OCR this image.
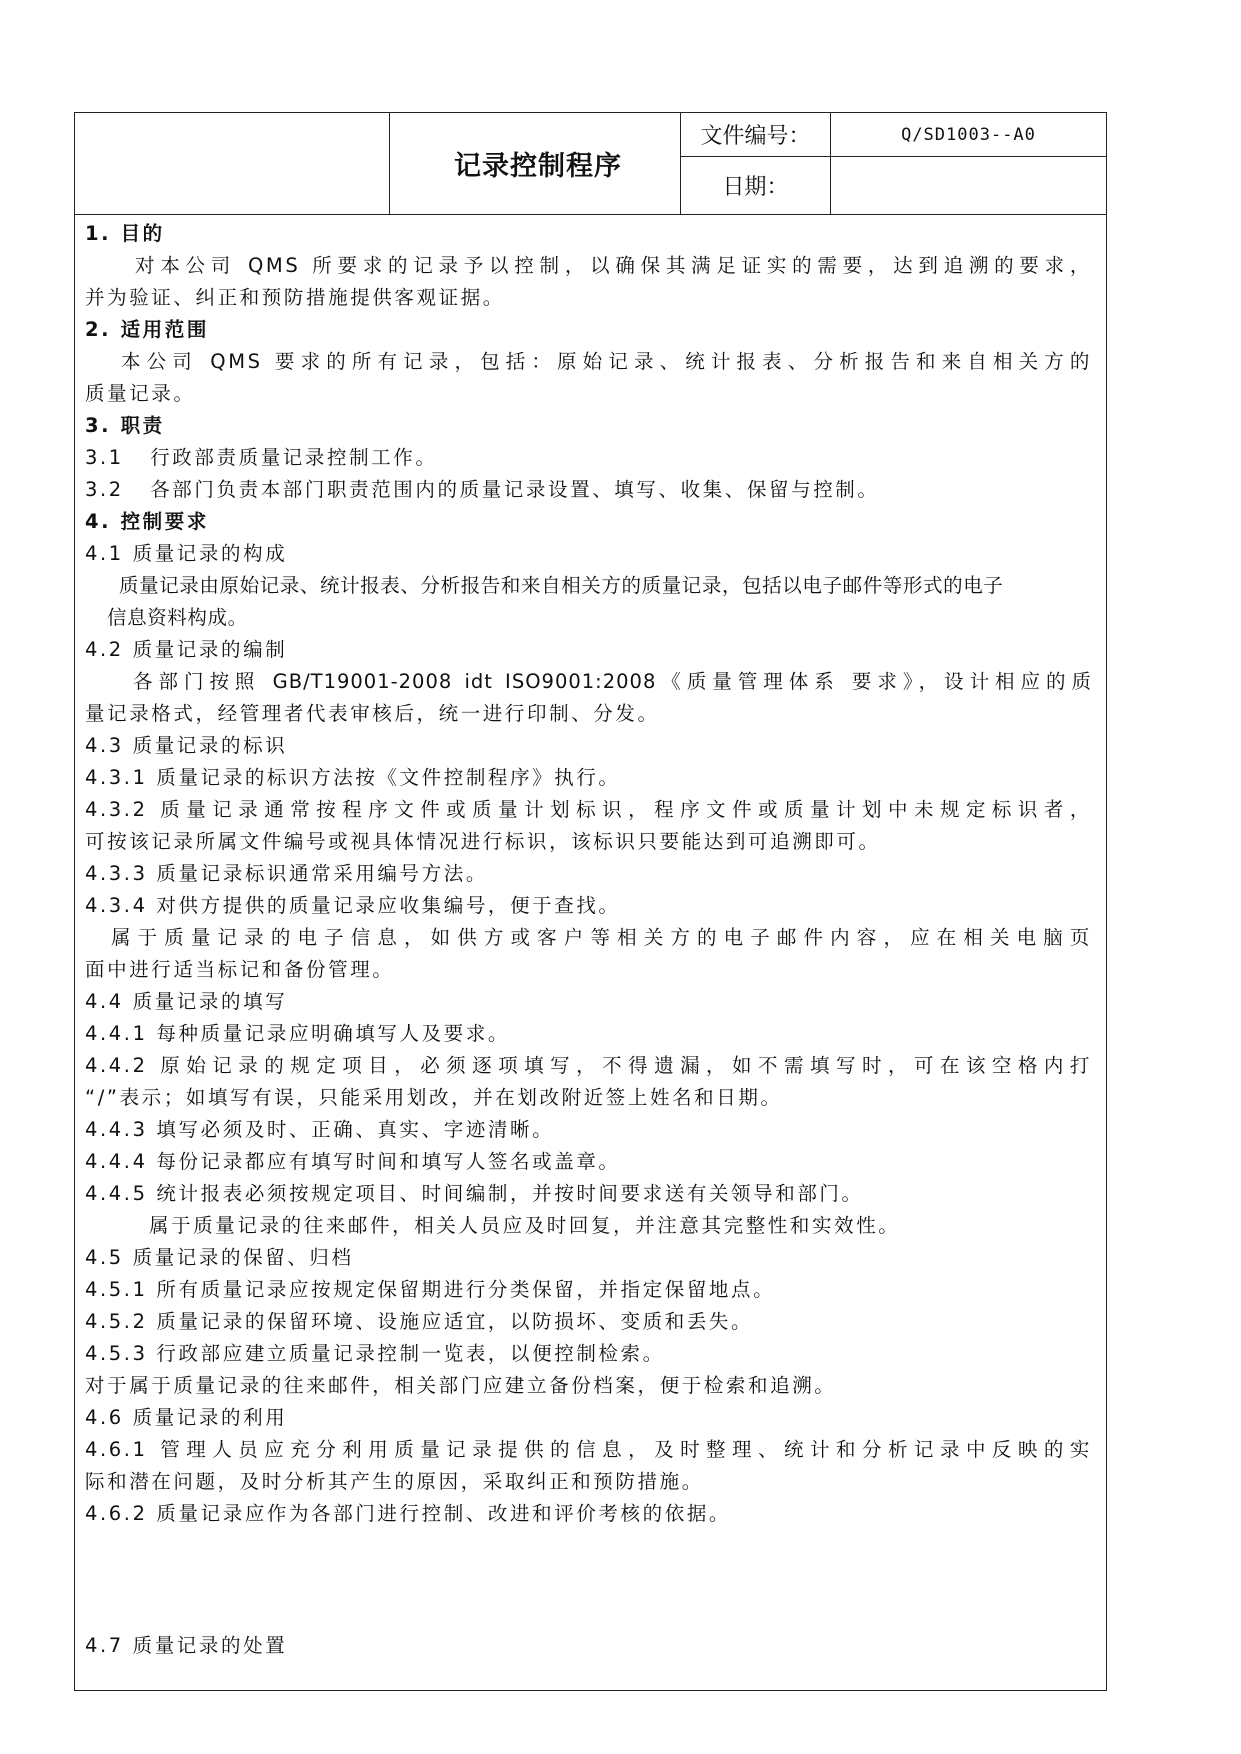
记录控制程序
文件编号：	Q/SD1003--A0
日期：
1. 目的
对本公司 QMS 所要求的记录予以控制，以确保其满足证实的需要，达到追溯的要求，
并为验证、纠正和预防措施提供客观证据。
2. 适用范围
本公司 QMS 要求的所有记录，包括：原始记录、统计报表、分析报告和来自相关方的
质量记录。
3. 职责
3.1   行政部责质量记录控制工作。
3.2   各部门负责本部门职责范围内的质量记录设置、填写、收集、保留与控制。
4. 控制要求
4.1 质量记录的构成
质量记录由原始记录、统计报表、分析报告和来自相关方的质量记录，包括以电子邮件等形式的电子
信息资料构成。
4.2 质量记录的编制
各部门按照 GB/T19001-2008 idt ISO9001:2008《质量管理体系 要求》，设计相应的质
量记录格式，经管理者代表审核后，统一进行印制、分发。
4.3 质量记录的标识
4.3.1 质量记录的标识方法按《文件控制程序》执行。
4.3.2 质量记录通常按程序文件或质量计划标识，程序文件或质量计划中未规定标识者，
可按该记录所属文件编号或视具体情况进行标识，该标识只要能达到可追溯即可。
4.3.3 质量记录标识通常采用编号方法。
4.3.4 对供方提供的质量记录应收集编号，便于查找。
属于质量记录的电子信息，如供方或客户等相关方的电子邮件内容，应在相关电脑页
面中进行适当标记和备份管理。
4.4 质量记录的填写
4.4.1 每种质量记录应明确填写人及要求。
4.4.2 原始记录的规定项目，必须逐项填写，不得遗漏，如不需填写时，可在该空格内打
“/”表示；如填写有误，只能采用划改，并在划改附近签上姓名和日期。
4.4.3 填写必须及时、正确、真实、字迹清晰。
4.4.4 每份记录都应有填写时间和填写人签名或盖章。
4.4.5 统计报表必须按规定项目、时间编制，并按时间要求送有关领导和部门。
属于质量记录的往来邮件，相关人员应及时回复，并注意其完整性和实效性。
4.5 质量记录的保留、归档
4.5.1 所有质量记录应按规定保留期进行分类保留，并指定保留地点。
4.5.2 质量记录的保留环境、设施应适宜，以防损坏、变质和丢失。
4.5.3 行政部应建立质量记录控制一览表，以便控制检索。
对于属于质量记录的往来邮件，相关部门应建立备份档案，便于检索和追溯。
4.6 质量记录的利用
4.6.1 管理人员应充分利用质量记录提供的信息，及时整理、统计和分析记录中反映的实
际和潜在问题，及时分析其产生的原因，采取纠正和预防措施。
4.6.2 质量记录应作为各部门进行控制、改进和评价考核的依据。
4.7 质量记录的处置
